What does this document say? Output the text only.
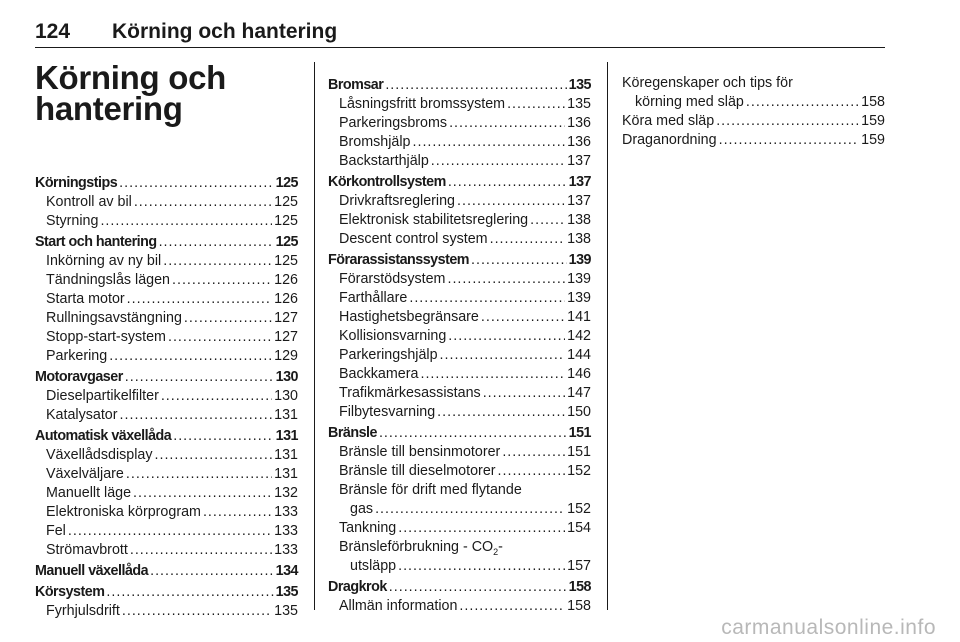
124 Körning och hantering
Körning och hantering
Körningstips .....	125
Kontroll av bil .....	125
Styrning .....	125
Start och hantering .....	125
Inkörning av ny bil .....	125
Tändningslås lägen .....	126
Starta motor .....	126
Rullningsavstängning .....	127
Stopp-start-system .....	127
Parkering .....	129
Motoravgaser .....	130
Dieselpartikelfilter .....	130
Katalysator .....	131
Automatisk växellåda .....	131
Växellådsdisplay .....	131
Växelväljare .....	131
Manuellt läge .....	132
Elektroniska körprogram .....	133
Fel .....	133
Strömavbrott .....	133
Manuell växellåda .....	134
Körsystem .....	135
Fyrhjulsdrift .....	135
Bromsar .....	135
Låsningsfritt bromssystem .....	135
Parkeringsbroms .....	136
Bromshjälp .....	136
Backstarthjälp .....	137
Körkontrollsystem .....	137
Drivkraftsreglering .....	137
Elektronisk stabilitetsreglering .....	138
Descent control system .....	138
Förarassistanssystem .....	139
Förarstödsystem .....	139
Farthållare .....	139
Hastighetsbegränsare .....	141
Kollisionsvarning .....	142
Parkeringshjälp .....	144
Backkamera .....	146
Trafikmärkesassistans .....	147
Filbytesvarning .....	150
Bränsle .....	151
Bränsle till bensinmotorer .....	151
Bränsle till dieselmotorer .....	152
Bränsle för drift med flytande
gas .....	152
Tankning .....	154
Bränsleförbrukning - $CO_2-$
utsläpp .....	157
Dragkrok .....	158
Allmän information .....	158
Köregenskaper och tips för
körning med släp .....	158
Köra med släp .....	159
Draganordning .....	159
carmanualsonline.info
